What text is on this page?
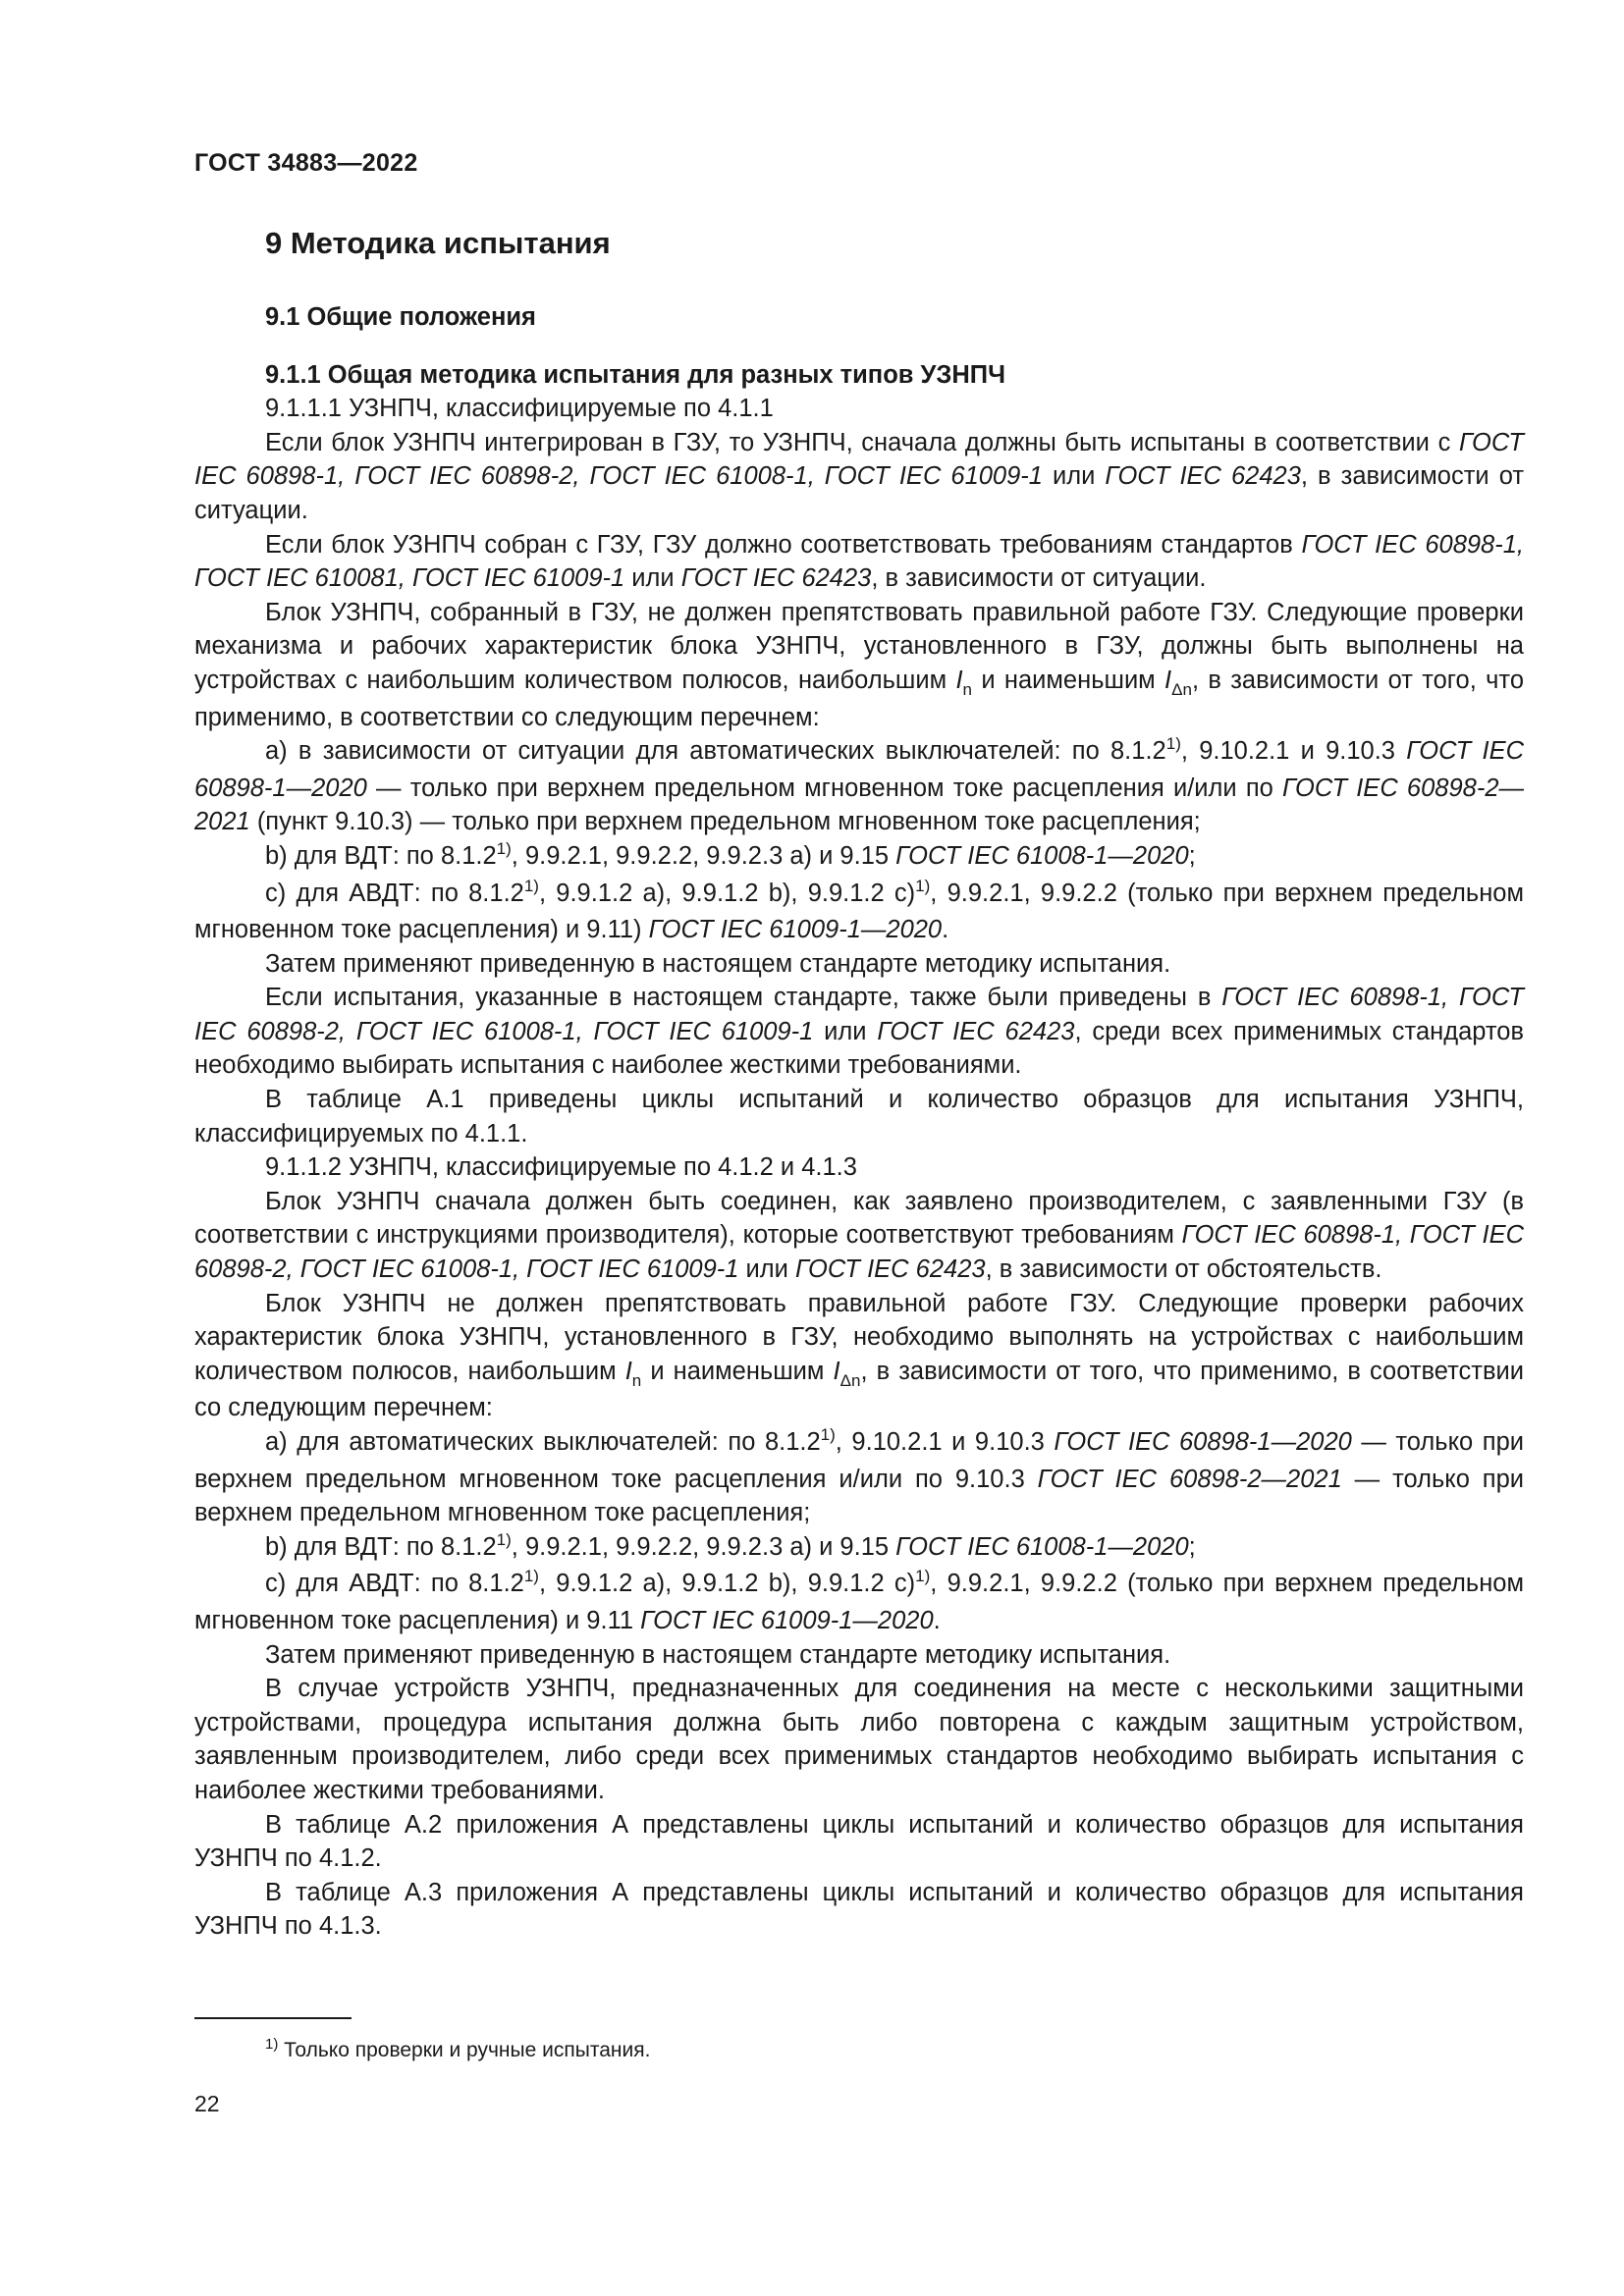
ГОСТ 34883—2022
9 Методика испытания
9.1 Общие положения
9.1.1 Общая методика испытания для разных типов УЗНПЧ

9.1.1.1 УЗНПЧ, классифицируемые по 4.1.1

Если блок УЗНПЧ интегрирован в ГЗУ, то УЗНПЧ, сначала должны быть испытаны в соответствии с ГОСТ IEC 60898-1, ГОСТ IEC 60898-2, ГОСТ IEC 61008-1, ГОСТ IEC 61009-1 или ГОСТ IEC 62423, в зависимости от ситуации.

Если блок УЗНПЧ собран с ГЗУ, ГЗУ должно соответствовать требованиям стандартов ГОСТ IEC 60898-1, ГОСТ IEC 610081, ГОСТ IEC 61009-1 или ГОСТ IEC 62423, в зависимости от ситуации.

Блок УЗНПЧ, собранный в ГЗУ, не должен препятствовать правильной работе ГЗУ. Следующие проверки механизма и рабочих характеристик блока УЗНПЧ, установленного в ГЗУ, должны быть выполнены на устройствах с наибольшим количеством полюсов, наибольшим $I_n$ и наименьшим $I_{\Delta n}$, в зависимости от того, что применимо, в соответствии со следующим перечнем:

a) в зависимости от ситуации для автоматических выключателей: по 8.1.2$^{1)}$, 9.10.2.1 и 9.10.3 ГОСТ IEC 60898-1—2020 — только при верхнем предельном мгновенном токе расцепления и/или по ГОСТ IEC 60898-2—2021 (пункт 9.10.3) — только при верхнем предельном мгновенном токе расцепления;

b) для ВДТ: по 8.1.2$^{1)}$, 9.9.2.1, 9.9.2.2, 9.9.2.3 a) и 9.15 ГОСТ IEC 61008-1—2020;

c) для АВДТ: по 8.1.2$^{1)}$, 9.9.1.2 a), 9.9.1.2 b), 9.9.1.2 c)$^{1)}$, 9.9.2.1, 9.9.2.2 (только при верхнем предельном мгновенном токе расцепления) и 9.11) ГОСТ IEC 61009-1—2020.

Затем применяют приведенную в настоящем стандарте методику испытания.

Если испытания, указанные в настоящем стандарте, также были приведены в ГОСТ IEC 60898-1, ГОСТ IEC 60898-2, ГОСТ IEC 61008-1, ГОСТ IEC 61009-1 или ГОСТ IEC 62423, среди всех применимых стандартов необходимо выбирать испытания с наиболее жесткими требованиями.

В таблице А.1 приведены циклы испытаний и количество образцов для испытания УЗНПЧ, классифицируемых по 4.1.1.

9.1.1.2 УЗНПЧ, классифицируемые по 4.1.2 и 4.1.3

Блок УЗНПЧ сначала должен быть соединен, как заявлено производителем, с заявленными ГЗУ (в соответствии с инструкциями производителя), которые соответствуют требованиям ГОСТ IEC 60898-1, ГОСТ IEC 60898-2, ГОСТ IEC 61008-1, ГОСТ IEC 61009-1 или ГОСТ IEC 62423, в зависимости от обстоятельств.

Блок УЗНПЧ не должен препятствовать правильной работе ГЗУ. Следующие проверки рабочих характеристик блока УЗНПЧ, установленного в ГЗУ, необходимо выполнять на устройствах с наибольшим количеством полюсов, наибольшим $I_n$ и наименьшим $I_{\Delta n}$, в зависимости от того, что применимо, в соответствии со следующим перечнем:

a) для автоматических выключателей: по 8.1.2$^{1)}$, 9.10.2.1 и 9.10.3 ГОСТ IEC 60898-1—2020 — только при верхнем предельном мгновенном токе расцепления и/или по 9.10.3 ГОСТ IEC 60898-2—2021 — только при верхнем предельном мгновенном токе расцепления;

b) для ВДТ: по 8.1.2$^{1)}$, 9.9.2.1, 9.9.2.2, 9.9.2.3 a) и 9.15 ГОСТ IEC 61008-1—2020;

c) для АВДТ: по 8.1.2$^{1)}$, 9.9.1.2 a), 9.9.1.2 b), 9.9.1.2 c)$^{1)}$, 9.9.2.1, 9.9.2.2 (только при верхнем предельном мгновенном токе расцепления) и 9.11 ГОСТ IEC 61009-1—2020.

Затем применяют приведенную в настоящем стандарте методику испытания.

В случае устройств УЗНПЧ, предназначенных для соединения на месте с несколькими защитными устройствами, процедура испытания должна быть либо повторена с каждым защитным устройством, заявленным производителем, либо среди всех применимых стандартов необходимо выбирать испытания с наиболее жесткими требованиями.

В таблице А.2 приложения А представлены циклы испытаний и количество образцов для испытания УЗНПЧ по 4.1.2.

В таблице А.3 приложения А представлены циклы испытаний и количество образцов для испытания УЗНПЧ по 4.1.3.

$^{1)}$ Только проверки и ручные испытания.
22
